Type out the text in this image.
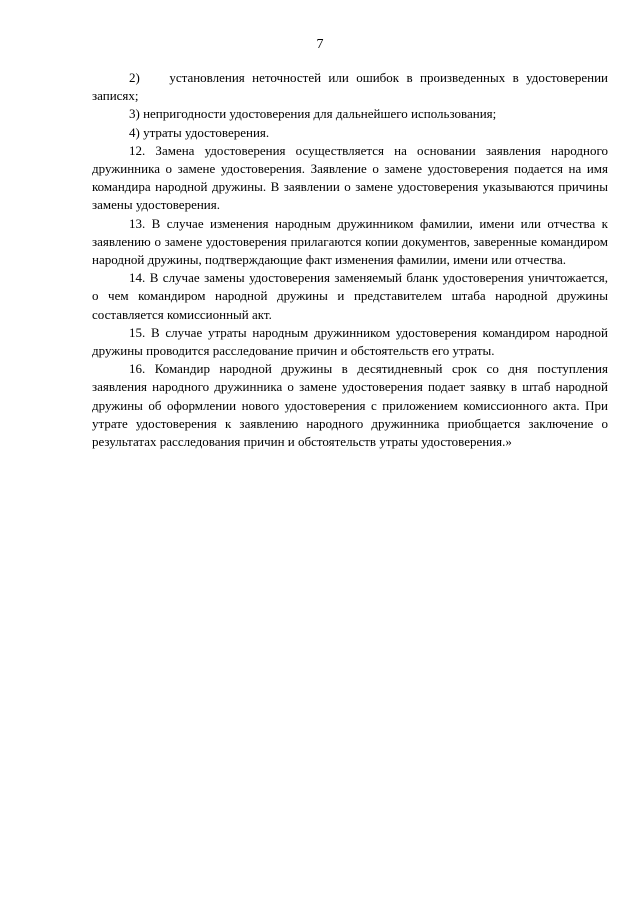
7

2)    установления неточностей или ошибок в произведенных в удостоверении записях;

3) непригодности удостоверения для дальнейшего использования;

4) утраты удостоверения.

12. Замена удостоверения осуществляется на основании заявления народного дружинника о замене удостоверения. Заявление о замене удостоверения подается на имя командира народной дружины. В заявлении о замене удостоверения указываются причины замены удостоверения.

13. В случае изменения народным дружинником фамилии, имени или отчества к заявлению о замене удостоверения прилагаются копии документов, заверенные командиром народной дружины, подтверждающие факт изменения фамилии, имени или отчества.

14. В случае замены удостоверения заменяемый бланк удостоверения уничтожается, о чем командиром народной дружины и представителем штаба народной дружины составляется комиссионный акт.

15. В случае утраты народным дружинником удостоверения командиром народной дружины проводится расследование причин и обстоятельств его утраты.

16. Командир народной дружины в десятидневный срок со дня поступления заявления народного дружинника о замене удостоверения подает заявку в штаб народной дружины об оформлении нового удостоверения с приложением комиссионного акта. При утрате удостоверения к заявлению народного дружинника приобщается заключение о результатах расследования причин и обстоятельств утраты удостоверения.»
